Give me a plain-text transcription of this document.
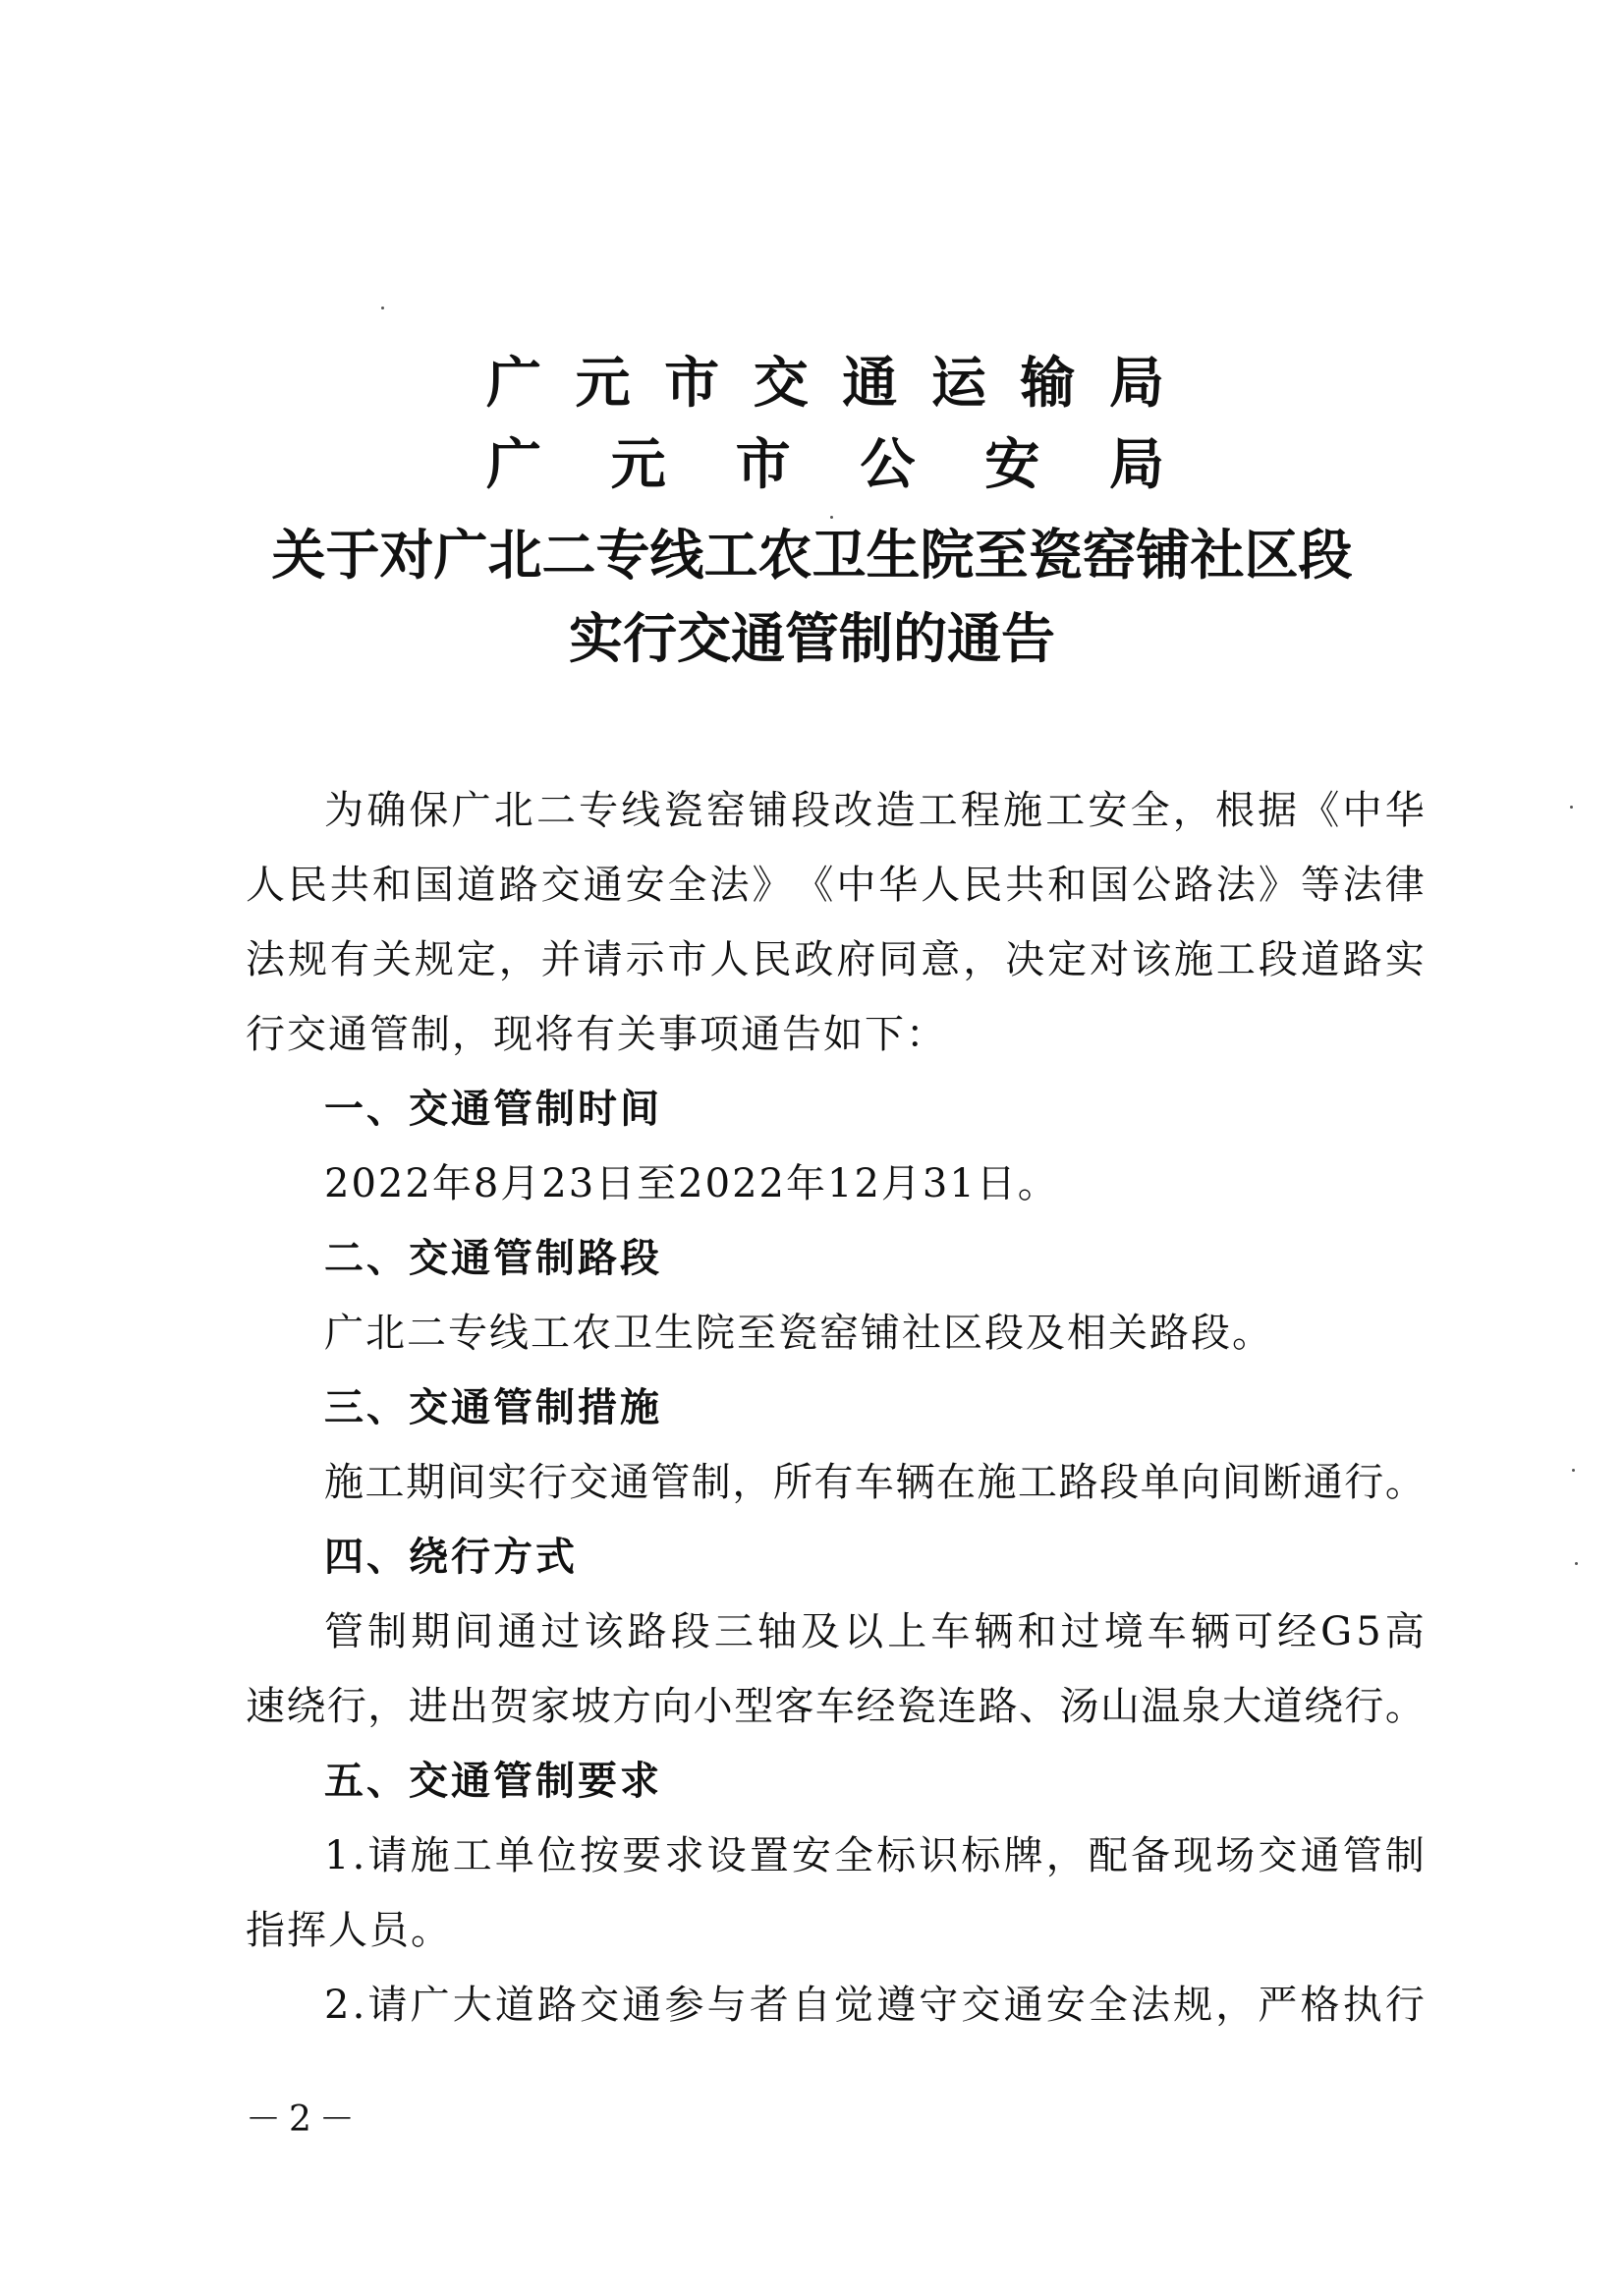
广 元 市 交 通 运 输 局
广 元 市 公 安 局
关于对广北二专线工农卫生院至瓷窑铺社区段
实行交通管制的通告
为 确 保 广 北 二 专 线 瓷 窑 铺 段 改 造 工 程 施 工 安 全 ， 根 据 《 中 华
人 民 共 和 国 道 路 交 通 安 全 法 》 《 中 华 人 民 共 和 国 公 路 法 》 等 法 律
法 规 有 关 规 定 ， 并 请 示 市 人 民 政 府 同 意 ， 决 定 对 该 施 工 段 道 路 实
行 交 通 管 制 ， 现 将 有 关 事 项 通 告 如 下 ：
一、交通管制时间
2 0 2 2 年 8 月 2 3 日 至 2 0 2 2 年 1 2 月 3 1 日 。
二、交通管制路段
广 北 二 专 线 工 农 卫 生 院 至 瓷 窑 铺 社 区 段 及 相 关 路 段 。
三、交通管制措施
施 工 期 间 实 行 交 通 管 制 ， 所 有 车 辆 在 施 工 路 段 单 向 间 断 通 行 。
四、绕行方式
管 制 期 间 通 过 该 路 段 三 轴 及 以 上 车 辆 和 过 境 车 辆 可 经 G 5 高
速 绕 行 ， 进 出 贺 家 坡 方 向 小 型 客 车 经 瓷 连 路 、 汤 山 温 泉 大 道 绕 行 。
五、交通管制要求
1 . 请 施 工 单 位 按 要 求 设 置 安 全 标 识 标 牌 ， 配 备 现 场 交 通 管 制
指 挥 人 员 。
2 . 请 广 大 道 路 交 通 参 与 者 自 觉 遵 守 交 通 安 全 法 规 ， 严 格 执 行
－2－
